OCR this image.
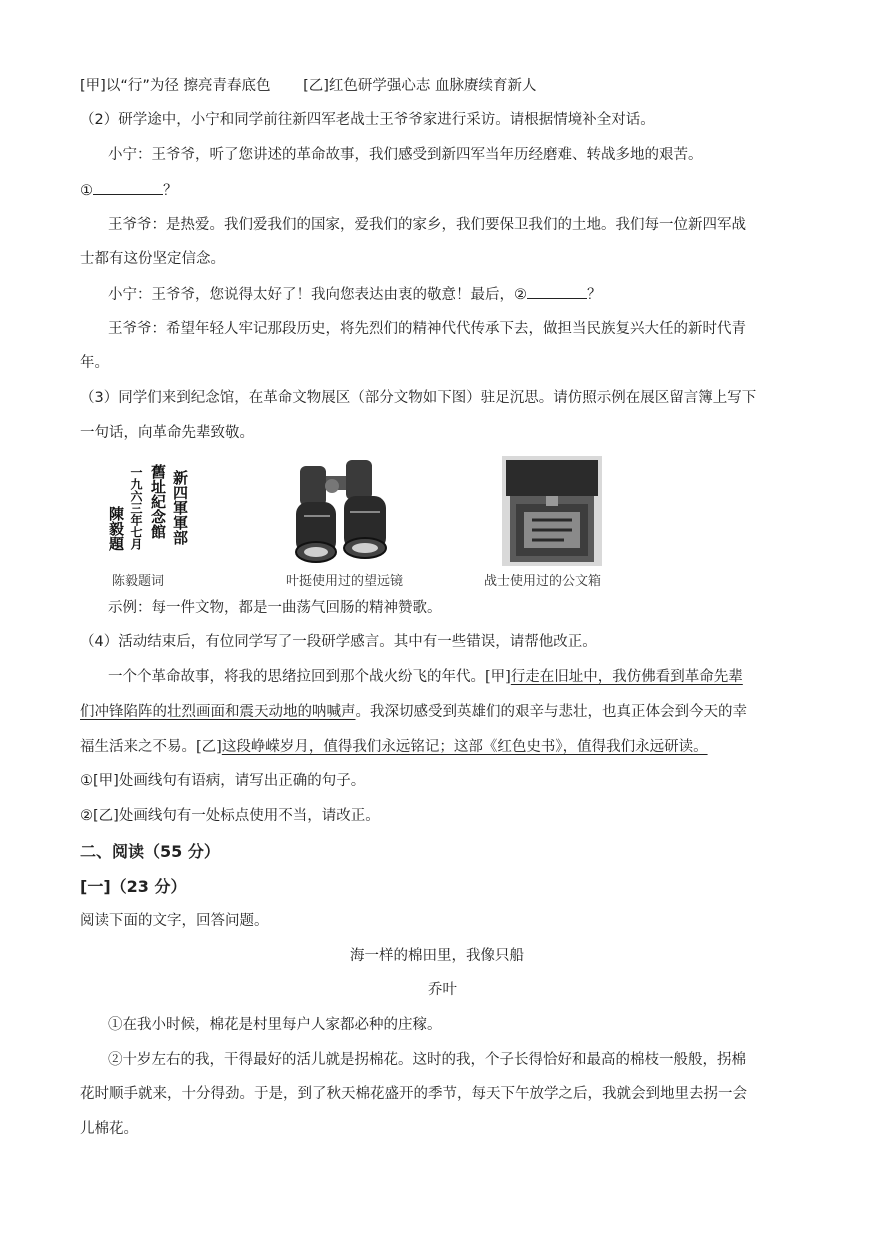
[甲]以“行”为径 擦亮青春底色 [乙]红色研学强心志 血脉赓续育新人
（2）研学途中，小宁和同学前往新四军老战士王爷爷家进行采访。请根据情境补全对话。
小宁：王爷爷，听了您讲述的革命故事，我们感受到新四军当年历经磨难、转战多地的艰苦。
①	？
王爷爷：是热爱。我们爱我们的国家，爱我们的家乡，我们要保卫我们的土地。我们每一位新四军战
士都有这份坚定信念。
小宁：王爷爷，您说得太好了！我向您表达由衷的敬意！最后，②	？
王爷爷：希望年轻人牢记那段历史，将先烈们的精神代代传承下去，做担当民族复兴大任的新时代青
年。
（3）同学们来到纪念馆，在革命文物展区（部分文物如下图）驻足沉思。请仿照示例在展区留言簿上写下
一句话，向革命先辈致敬。
新四軍軍部
舊址紀念館
一九六三年七月
陳毅題
陈毅题词	叶挺使用过的望远镜	战士使用过的公文箱
示例：每一件文物，都是一曲荡气回肠的精神赞歌。
（4）活动结束后，有位同学写了一段研学感言。其中有一些错误，请帮他改正。
一个个革命故事，将我的思绪拉回到那个战火纷飞的年代。[甲]行走在旧址中，我仿佛看到革命先辈
们冲锋陷阵的壮烈画面和震天动地的呐喊声。我深切感受到英雄们的艰辛与悲壮，也真正体会到今天的幸
福生活来之不易。[乙]这段峥嵘岁月，值得我们永远铭记；这部《红色史书》，值得我们永远研读。
①[甲]处画线句有语病，请写出正确的句子。
②[乙]处画线句有一处标点使用不当，请改正。
二、阅读（55 分）
[一]（23 分）
阅读下面的文字，回答问题。
海一样的棉田里，我像只船
乔叶
①在我小时候，棉花是村里每户人家都必种的庄稼。
②十岁左右的我，干得最好的活儿就是拐棉花。这时的我，个子长得恰好和最高的棉枝一般般，拐棉
花时顺手就来，十分得劲。于是，到了秋天棉花盛开的季节，每天下午放学之后，我就会到地里去拐一会
儿棉花。
